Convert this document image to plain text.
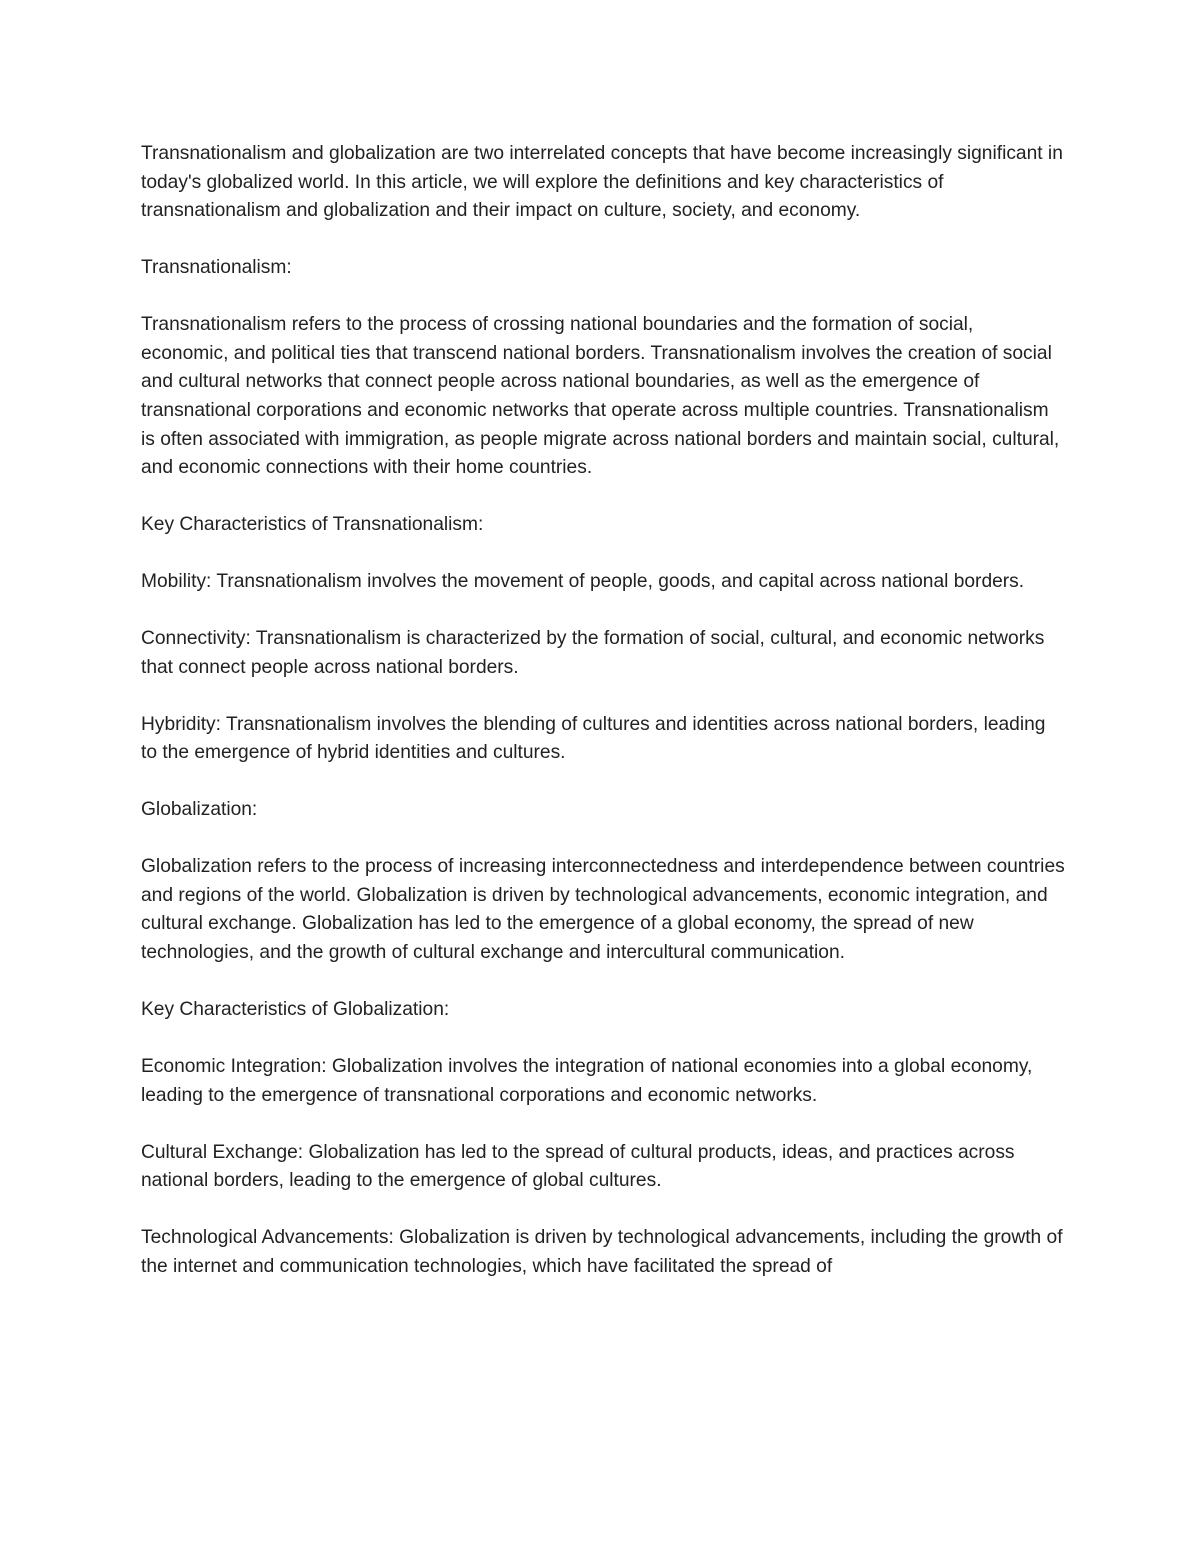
Transnationalism and globalization are two interrelated concepts that have become increasingly significant in today's globalized world. In this article, we will explore the definitions and key characteristics of transnationalism and globalization and their impact on culture, society, and economy.

Transnationalism:

Transnationalism refers to the process of crossing national boundaries and the formation of social, economic, and political ties that transcend national borders. Transnationalism involves the creation of social and cultural networks that connect people across national boundaries, as well as the emergence of transnational corporations and economic networks that operate across multiple countries. Transnationalism is often associated with immigration, as people migrate across national borders and maintain social, cultural, and economic connections with their home countries.

Key Characteristics of Transnationalism:

Mobility: Transnationalism involves the movement of people, goods, and capital across national borders.

Connectivity: Transnationalism is characterized by the formation of social, cultural, and economic networks that connect people across national borders.

Hybridity: Transnationalism involves the blending of cultures and identities across national borders, leading to the emergence of hybrid identities and cultures.

Globalization:

Globalization refers to the process of increasing interconnectedness and interdependence between countries and regions of the world. Globalization is driven by technological advancements, economic integration, and cultural exchange. Globalization has led to the emergence of a global economy, the spread of new technologies, and the growth of cultural exchange and intercultural communication.

Key Characteristics of Globalization:

Economic Integration: Globalization involves the integration of national economies into a global economy, leading to the emergence of transnational corporations and economic networks.

Cultural Exchange: Globalization has led to the spread of cultural products, ideas, and practices across national borders, leading to the emergence of global cultures.

Technological Advancements: Globalization is driven by technological advancements, including the growth of the internet and communication technologies, which have facilitated the spread of
